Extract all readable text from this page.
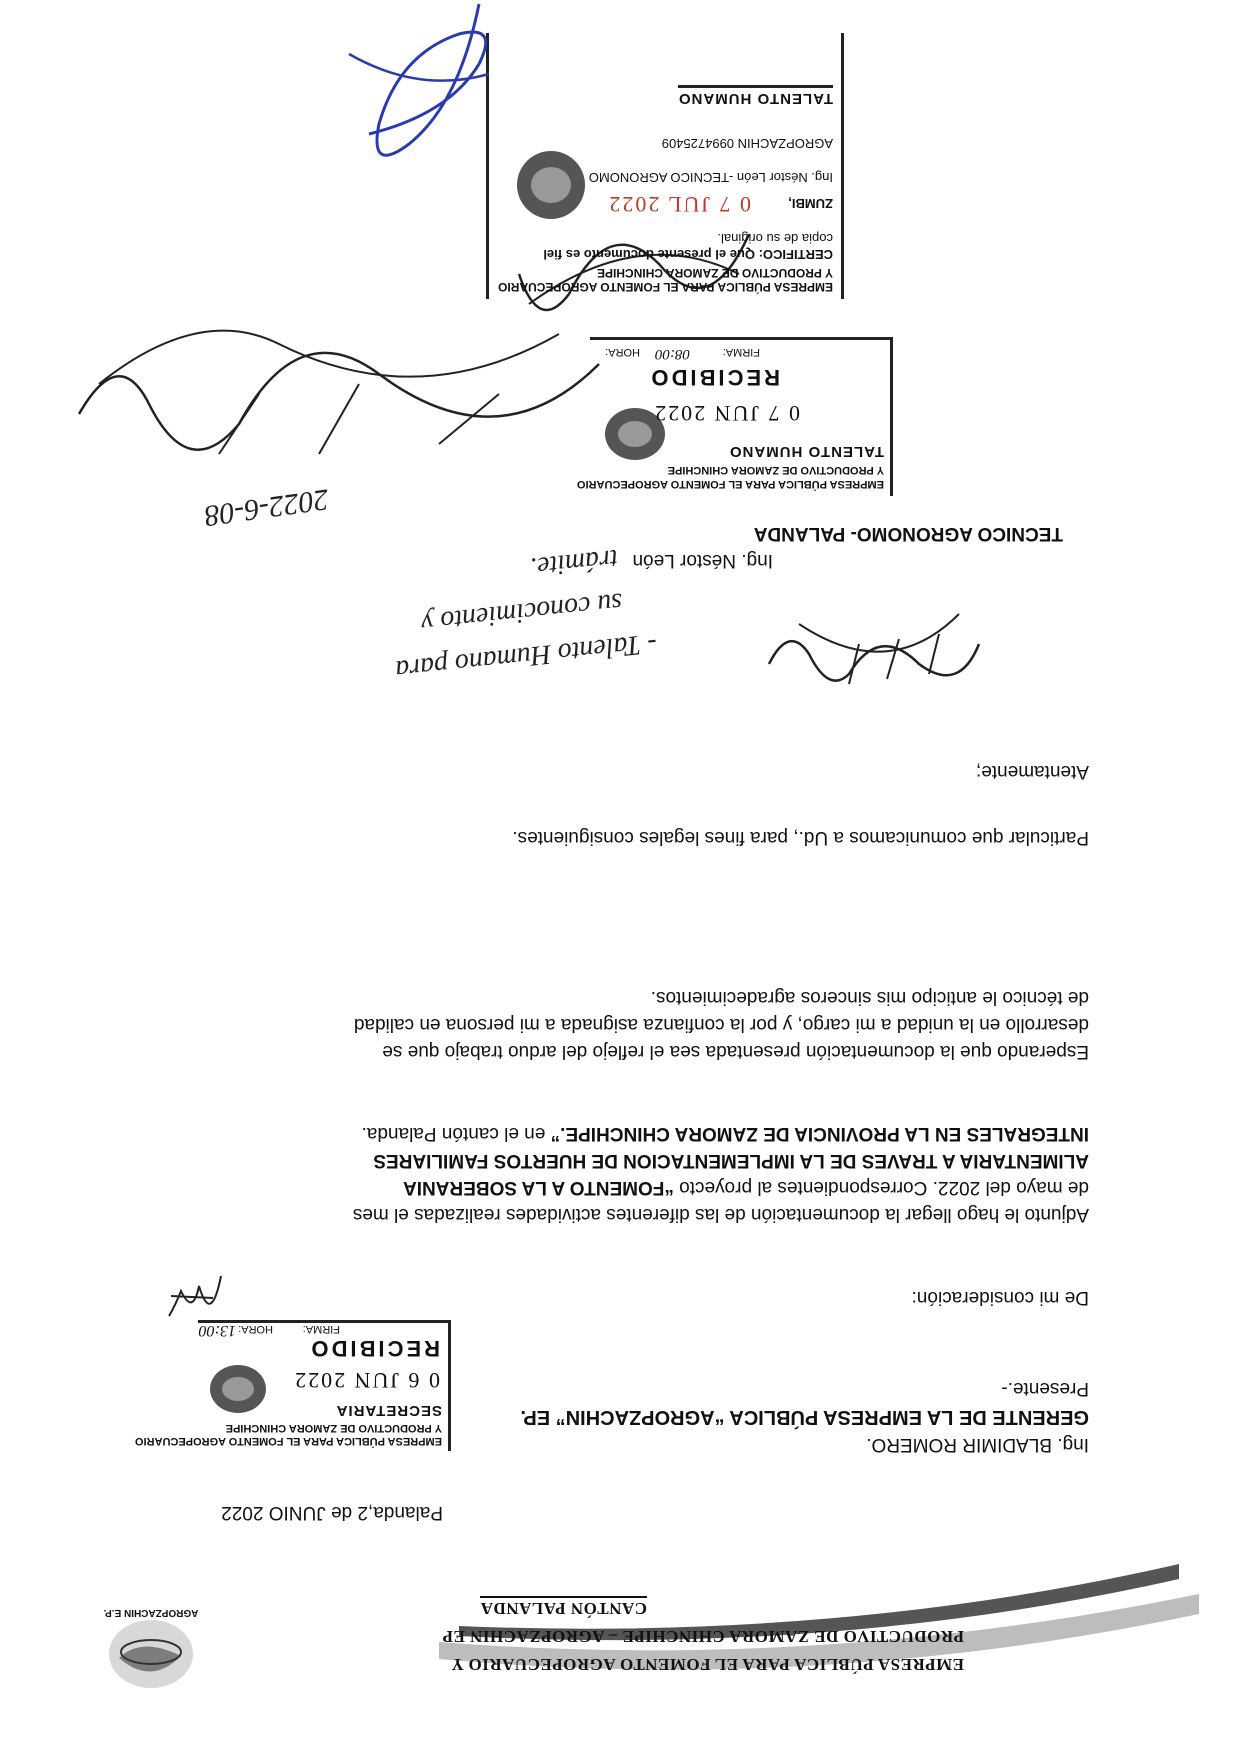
AGROPZACHIN E.P.
EMPRESA PÚBLICA PARA EL FOMENTO AGROPECUARIO Y
PRODUCTIVO DE ZAMORA CHINCHIPE – AGROPZACHIN EP
CANTÓN PALANDA
Palanda,2 de JUNIO 2022
Ing. BLADIMIR ROMERO.
GERENTE DE LA EMPRESA PÚBLICA “AGROPZACHIN” EP.
Presente.-
EMPRESA PÚBLICA PARA EL FOMENTO AGROPECUARIO
Y PRODUCTIVO DE ZAMORA CHINCHIPE
SECRETARIA
0 6 JUN 2022
RECIBIDO
HORA:
13:00	FIRMA:
De mi consideración:
Adjunto le hago llegar la documentación de las diferentes actividades realizadas el mes
de mayo del 2022. Correspondientes al proyecto “FOMENTO A LA SOBERANIA
ALIMENTARIA A TRAVES DE LA IMPLEMENTACION DE HUERTOS FAMILIARES
INTEGRALES EN LA PROVINCIA DE ZAMORA CHINCHIPE.” en el cantón Palanda.
Esperando que la documentación presentada sea el reflejo del arduo trabajo que se
desarrollo en la unidad a mi cargo, y por la confianza asignada a mi persona en calidad
de técnico le anticipo mis sinceros agradecimientos.
Particular que comunicamos a Ud., para fines legales consiguientes.
Atentamente;
Ing. Néstor León
TECNICO AGRONOMO- PALANDA
- Talento Humano para
su conocimiento y
trámite.
2022-6-08	EMPRESA PÚBLICA PARA EL FOMENTO AGROPECUARIO
Y PRODUCTIVO DE ZAMORA CHINCHIPE
TALENTO HUMANO
0 7 JUN 2022
RECIBIDO
HORA: 08:00	FIRMA:
EMPRESA PÚBLICA PARA EL FOMENTO AGROPECUARIO
Y PRODUCTIVO DE ZAMORA CHINCHIPE
CERTIFICO: Que el presente documento es fiel
copia de su original.
ZUMBI,
0 7 JUL 2022
Ing. Néstor León -TECNICO AGRONOMO
AGROPZACHIN 0994725409
TALENTO HUMANO
